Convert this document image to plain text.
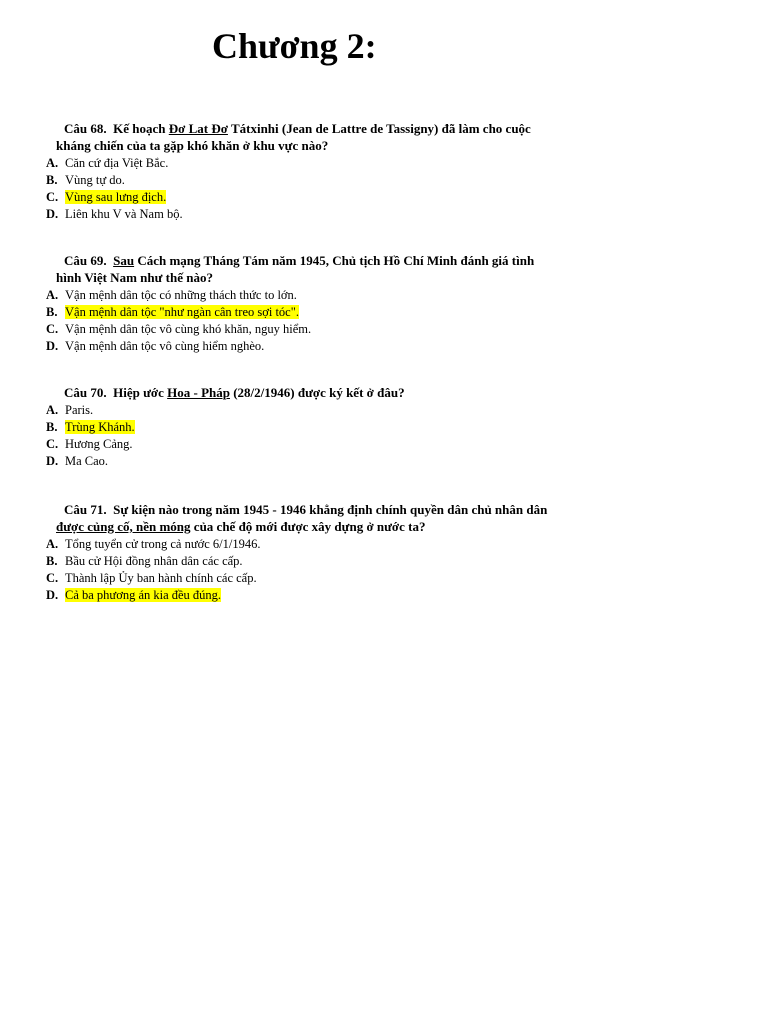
Chương 2:
Câu 68. Kế hoạch Đơ Lat Đơ Tátxinhi (Jean de Lattre de Tassigny) đã làm cho cuộc
kháng chiến của ta gặp khó khăn ở khu vực nào?
A. Căn cứ địa Việt Bắc.
B. Vùng tự do.
C. Vùng sau lưng địch.
D. Liên khu V và Nam bộ.
Câu 69. Sau Cách mạng Tháng Tám năm 1945, Chủ tịch Hồ Chí Minh đánh giá tình
hình Việt Nam như thế nào?
A. Vận mệnh dân tộc có những thách thức to lớn.
B. Vận mệnh dân tộc "như ngàn cân treo sợi tóc".
C. Vận mệnh dân tộc vô cùng khó khăn, nguy hiểm.
D. Vận mệnh dân tộc vô cùng hiểm nghèo.
Câu 70. Hiệp ước Hoa - Pháp (28/2/1946) được ký kết ở đâu?
A. Paris.
B. Trùng Khánh.
C. Hương Cảng.
D. Ma Cao.
Câu 71. Sự kiện nào trong năm 1945 - 1946 khẳng định chính quyền dân chủ nhân dân
được củng cố, nền móng của chế độ mới được xây dựng ở nước ta?
A. Tổng tuyển cử trong cả nước 6/1/1946.
B. Bầu cử Hội đồng nhân dân các cấp.
C. Thành lập Ủy ban hành chính các cấp.
D. Cả ba phương án kia đều đúng.
